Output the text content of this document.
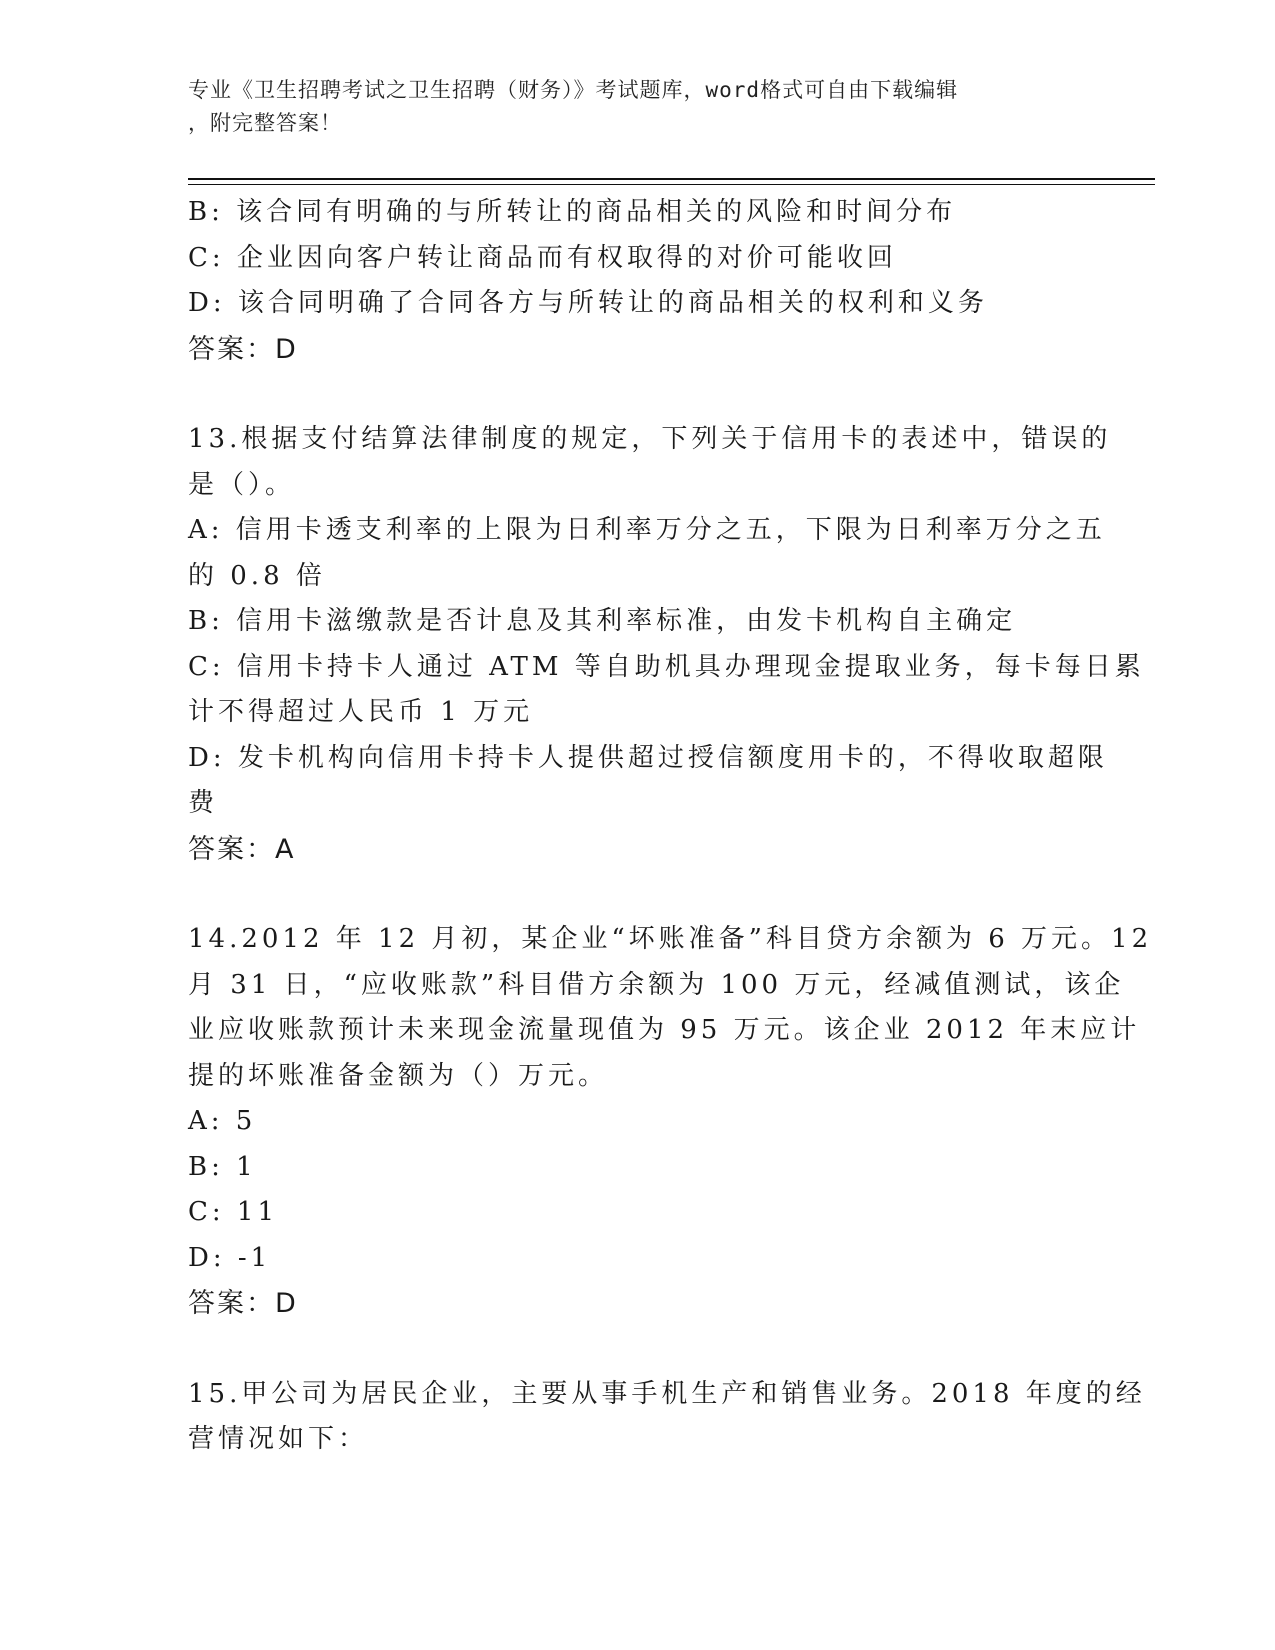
专业《卫生招聘考试之卫生招聘（财务）》考试题库，word格式可自由下载编辑
，附完整答案！
B: 该合同有明确的与所转让的商品相关的风险和时间分布
C: 企业因向客户转让商品而有权取得的对价可能收回
D: 该合同明确了合同各方与所转让的商品相关的权利和义务
答案：D
13.根据支付结算法律制度的规定，下列关于信用卡的表述中，错误的
是（）。
A: 信用卡透支利率的上限为日利率万分之五，下限为日利率万分之五
的 0.8 倍
B: 信用卡滋缴款是否计息及其利率标准，由发卡机构自主确定
C: 信用卡持卡人通过 ATM 等自助机具办理现金提取业务，每卡每日累
计不得超过人民币 1 万元
D: 发卡机构向信用卡持卡人提供超过授信额度用卡的，不得收取超限
费
答案：A
14.2012 年 12 月初，某企业“坏账准备”科目贷方余额为 6 万元。12
月 31 日，“应收账款”科目借方余额为 100 万元，经减值测试，该企
业应收账款预计未来现金流量现值为 95 万元。该企业 2012 年末应计
提的坏账准备金额为（）万元。
A: 5
B: 1
C: 11
D: -1
答案：D
15.甲公司为居民企业，主要从事手机生产和销售业务。2018 年度的经
营情况如下：
